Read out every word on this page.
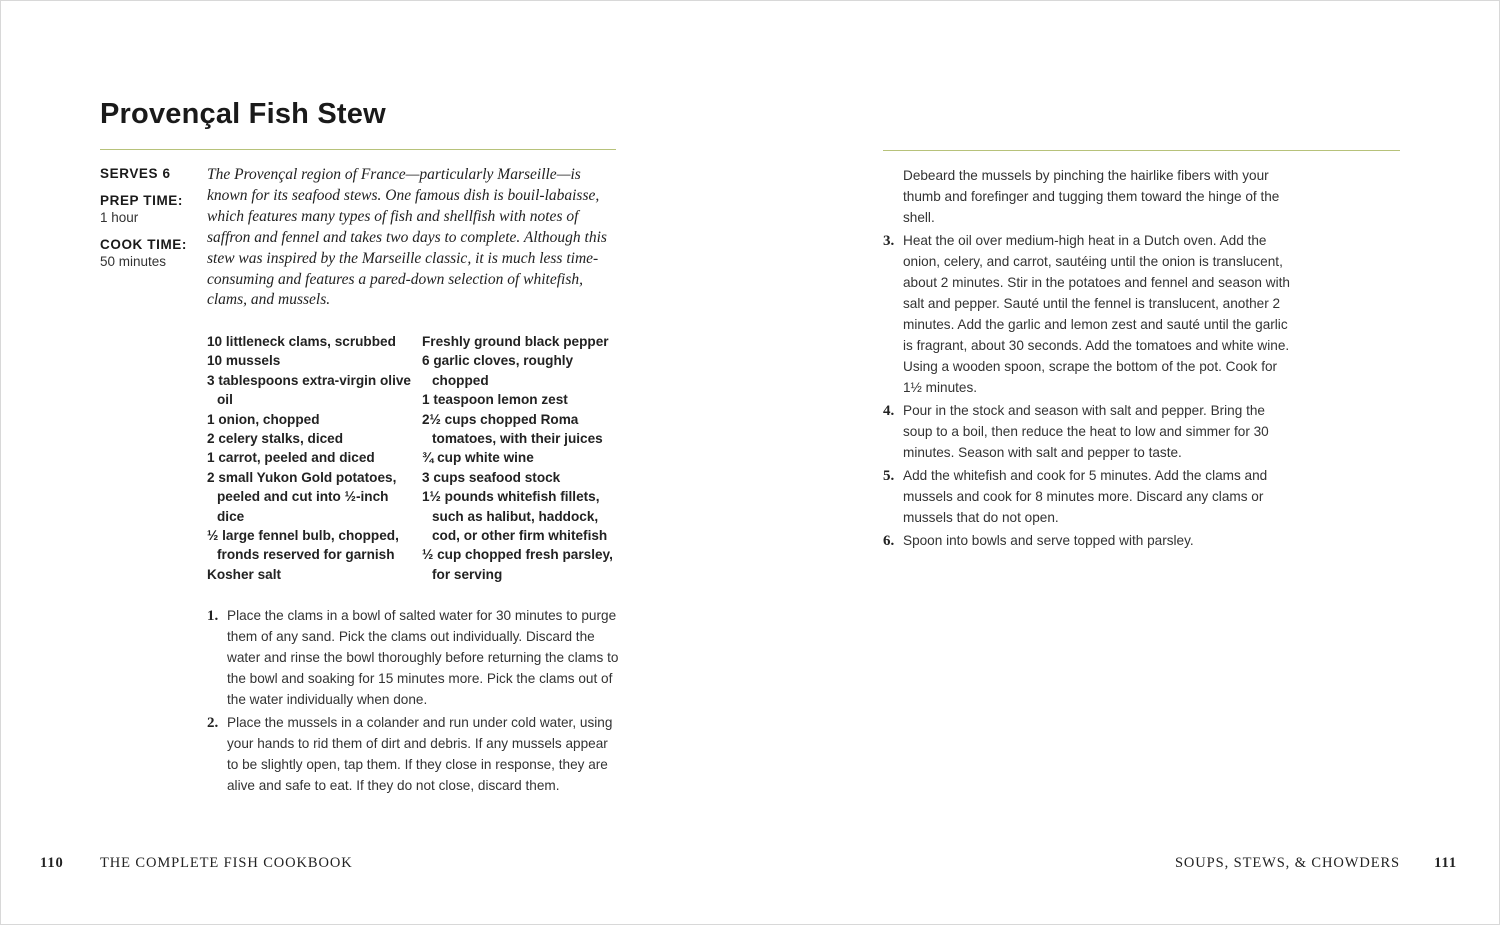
Provençal Fish Stew
SERVES 6
PREP TIME:
1 hour
COOK TIME:
50 minutes

The Provençal region of France—particularly Marseille—is known for its seafood stews. One famous dish is bouil-labaisse, which features many types of fish and shellfish with notes of saffron and fennel and takes two days to complete. Although this stew was inspired by the Marseille classic, it is much less time-consuming and features a pared-down selection of whitefish, clams, and mussels.

10 littleneck clams, scrubbed
10 mussels
3 tablespoons extra-virgin olive oil
1 onion, chopped
2 celery stalks, diced
1 carrot, peeled and diced
2 small Yukon Gold potatoes, peeled and cut into ½-inch dice
½ large fennel bulb, chopped, fronds reserved for garnish
Kosher salt
Freshly ground black pepper
6 garlic cloves, roughly chopped
1 teaspoon lemon zest
2½ cups chopped Roma tomatoes, with their juices
¾ cup white wine
3 cups seafood stock
1½ pounds whitefish fillets, such as halibut, haddock, cod, or other firm whitefish
½ cup chopped fresh parsley, for serving
1. Place the clams in a bowl of salted water for 30 minutes to purge them of any sand. Pick the clams out individually. Discard the water and rinse the bowl thoroughly before returning the clams to the bowl and soaking for 15 minutes more. Pick the clams out of the water individually when done.
2. Place the mussels in a colander and run under cold water, using your hands to rid them of dirt and debris. If any mussels appear to be slightly open, tap them. If they close in response, they are alive and safe to eat. If they do not close, discard them.
Debeard the mussels by pinching the hairlike fibers with your thumb and forefinger and tugging them toward the hinge of the shell.
3. Heat the oil over medium-high heat in a Dutch oven. Add the onion, celery, and carrot, sautéing until the onion is translucent, about 2 minutes. Stir in the potatoes and fennel and season with salt and pepper. Sauté until the fennel is translucent, another 2 minutes. Add the garlic and lemon zest and sauté until the garlic is fragrant, about 30 seconds. Add the tomatoes and white wine. Using a wooden spoon, scrape the bottom of the pot. Cook for 1½ minutes.
4. Pour in the stock and season with salt and pepper. Bring the soup to a boil, then reduce the heat to low and simmer for 30 minutes. Season with salt and pepper to taste.
5. Add the whitefish and cook for 5 minutes. Add the clams and mussels and cook for 8 minutes more. Discard any clams or mussels that do not open.
6. Spoon into bowls and serve topped with parsley.
110	THE COMPLETE FISH COOKBOOK	SOUPS, STEWS, & CHOWDERS 111
